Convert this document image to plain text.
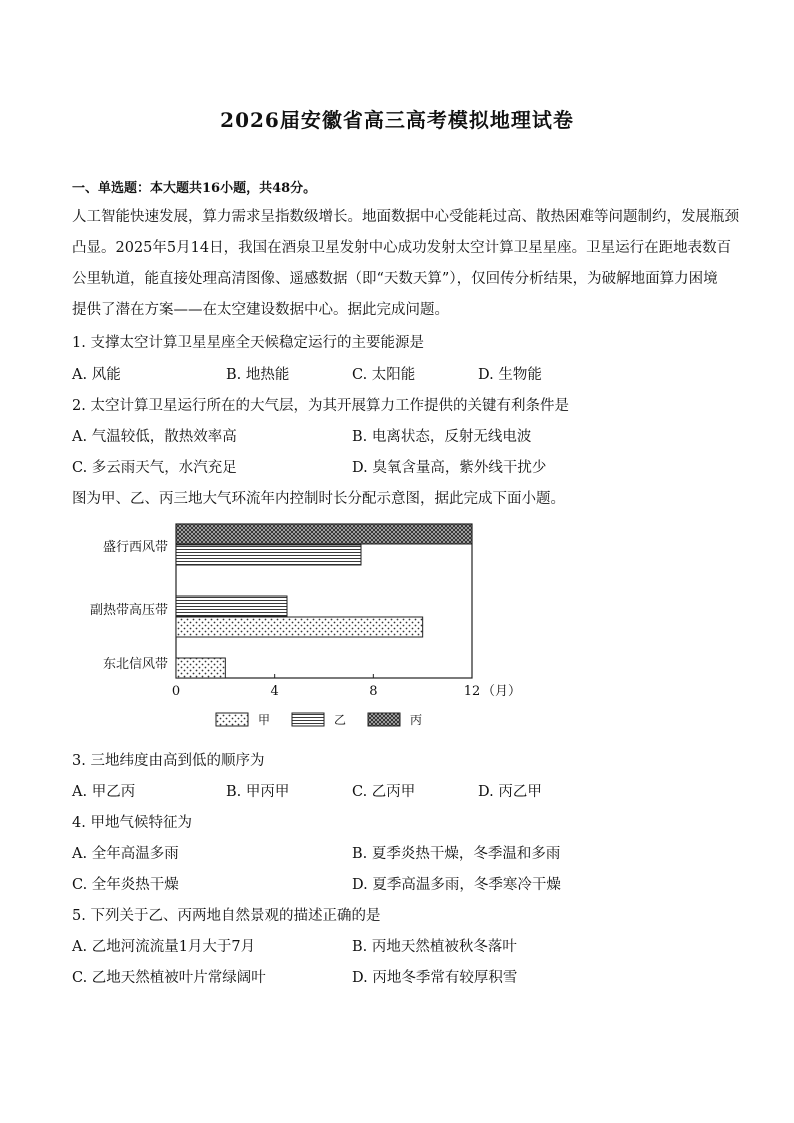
2026届安徽省高三高考模拟地理试卷
一、单选题：本大题共16小题，共48分。
人工智能快速发展，算力需求呈指数级增长。地面数据中心受能耗过高、散热困难等问题制约，发展瓶颈
凸显。2025年5月14日，我国在酒泉卫星发射中心成功发射太空计算卫星星座。卫星运行在距地表数百
公里轨道，能直接处理高清图像、遥感数据（即“天数天算”），仅回传分析结果，为破解地面算力困境
提供了潜在方案——在太空建设数据中心。据此完成问题。
1. 支撑太空计算卫星星座全天候稳定运行的主要能源是
A. 风能	B. 地热能	C. 太阳能	D. 生物能
2. 太空计算卫星运行所在的大气层，为其开展算力工作提供的关键有利条件是
A. 气温较低，散热效率高	B. 电离状态，反射无线电波
C. 多云雨天气，水汽充足	D. 臭氧含量高，紫外线干扰少
图为甲、乙、丙三地大气环流年内控制时长分配示意图，据此完成下面小题。
盛行西风带
副热带高压带
东北信风带
0	4	8	12 （月）
甲	乙	丙
3. 三地纬度由高到低的顺序为
A. 甲乙丙	B. 甲丙甲	C. 乙丙甲	D. 丙乙甲
4. 甲地气候特征为
A. 全年高温多雨	B. 夏季炎热干燥，冬季温和多雨
C. 全年炎热干燥	D. 夏季高温多雨，冬季寒冷干燥
5. 下列关于乙、丙两地自然景观的描述正确的是
A. 乙地河流流量1月大于7月	B. 丙地天然植被秋冬落叶
C. 乙地天然植被叶片常绿阔叶	D. 丙地冬季常有较厚积雪
